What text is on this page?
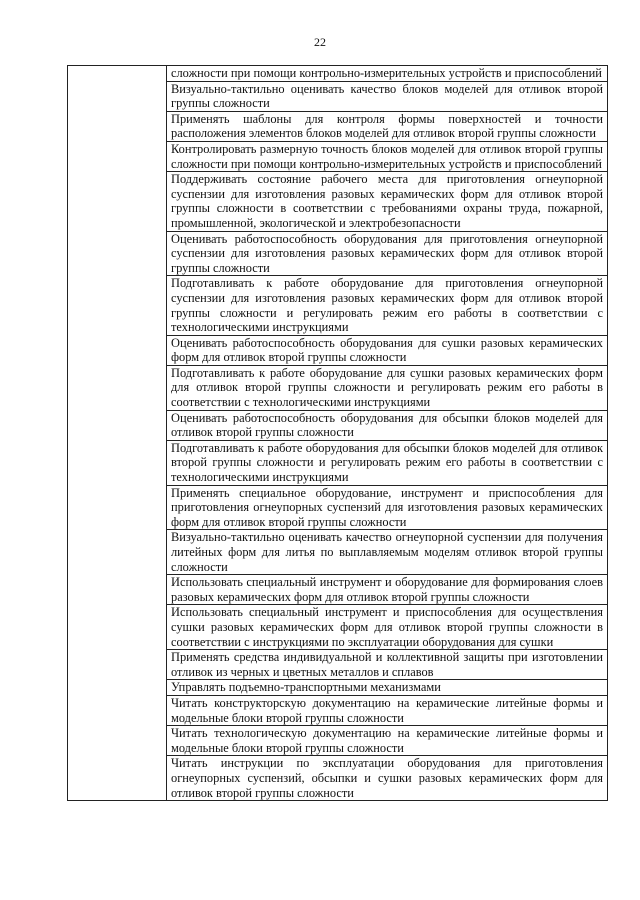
22

сложности при помощи контрольно-измерительных устройств и приспособлений

Визуально-тактильно оценивать качество блоков моделей для отливок второй группы сложности

Применять шаблоны для контроля формы поверхностей и точности расположения элементов блоков моделей для отливок второй группы сложности

Контролировать размерную точность блоков моделей для отливок второй группы сложности при помощи контрольно-измерительных устройств и приспособлений

Поддерживать состояние рабочего места для приготовления огнеупорной суспензии для изготовления разовых керамических форм для отливок второй группы сложности в соответствии с требованиями охраны труда, пожарной, промышленной, экологической и электробезопасности

Оценивать работоспособность оборудования для приготовления огнеупорной суспензии для изготовления разовых керамических форм для отливок второй группы сложности

Подготавливать к работе оборудование для приготовления огнеупорной суспензии для изготовления разовых керамических форм для отливок второй группы сложности и регулировать режим его работы в соответствии с технологическими инструкциями

Оценивать работоспособность оборудования для сушки разовых керамических форм для отливок второй группы сложности

Подготавливать к работе оборудование для сушки разовых керамических форм для отливок второй группы сложности и регулировать режим его работы в соответствии с технологическими инструкциями

Оценивать работоспособность оборудования для обсыпки блоков моделей для отливок второй группы сложности

Подготавливать к работе оборудования для обсыпки блоков моделей для отливок второй группы сложности и регулировать режим его работы в соответствии с технологическими инструкциями

Применять специальное оборудование, инструмент и приспособления для приготовления огнеупорных суспензий для изготовления разовых керамических форм для отливок второй группы сложности

Визуально-тактильно оценивать качество огнеупорной суспензии для получения литейных форм для литья по выплавляемым моделям отливок второй группы сложности

Использовать специальный инструмент и оборудование для формирования слоев разовых керамических форм для отливок второй группы сложности

Использовать специальный инструмент и приспособления для осуществления сушки разовых керамических форм для отливок второй группы сложности в соответствии с инструкциями по эксплуатации оборудования для сушки

Применять средства индивидуальной и коллективной защиты при изготовлении отливок из черных и цветных металлов и сплавов

Управлять подъемно-транспортными механизмами

Читать конструкторскую документацию на керамические литейные формы и модельные блоки второй группы сложности

Читать технологическую документацию на керамические литейные формы и модельные блоки второй группы сложности

Читать инструкции по эксплуатации оборудования для приготовления огнеупорных суспензий, обсыпки и сушки разовых керамических форм для отливок второй группы сложности
